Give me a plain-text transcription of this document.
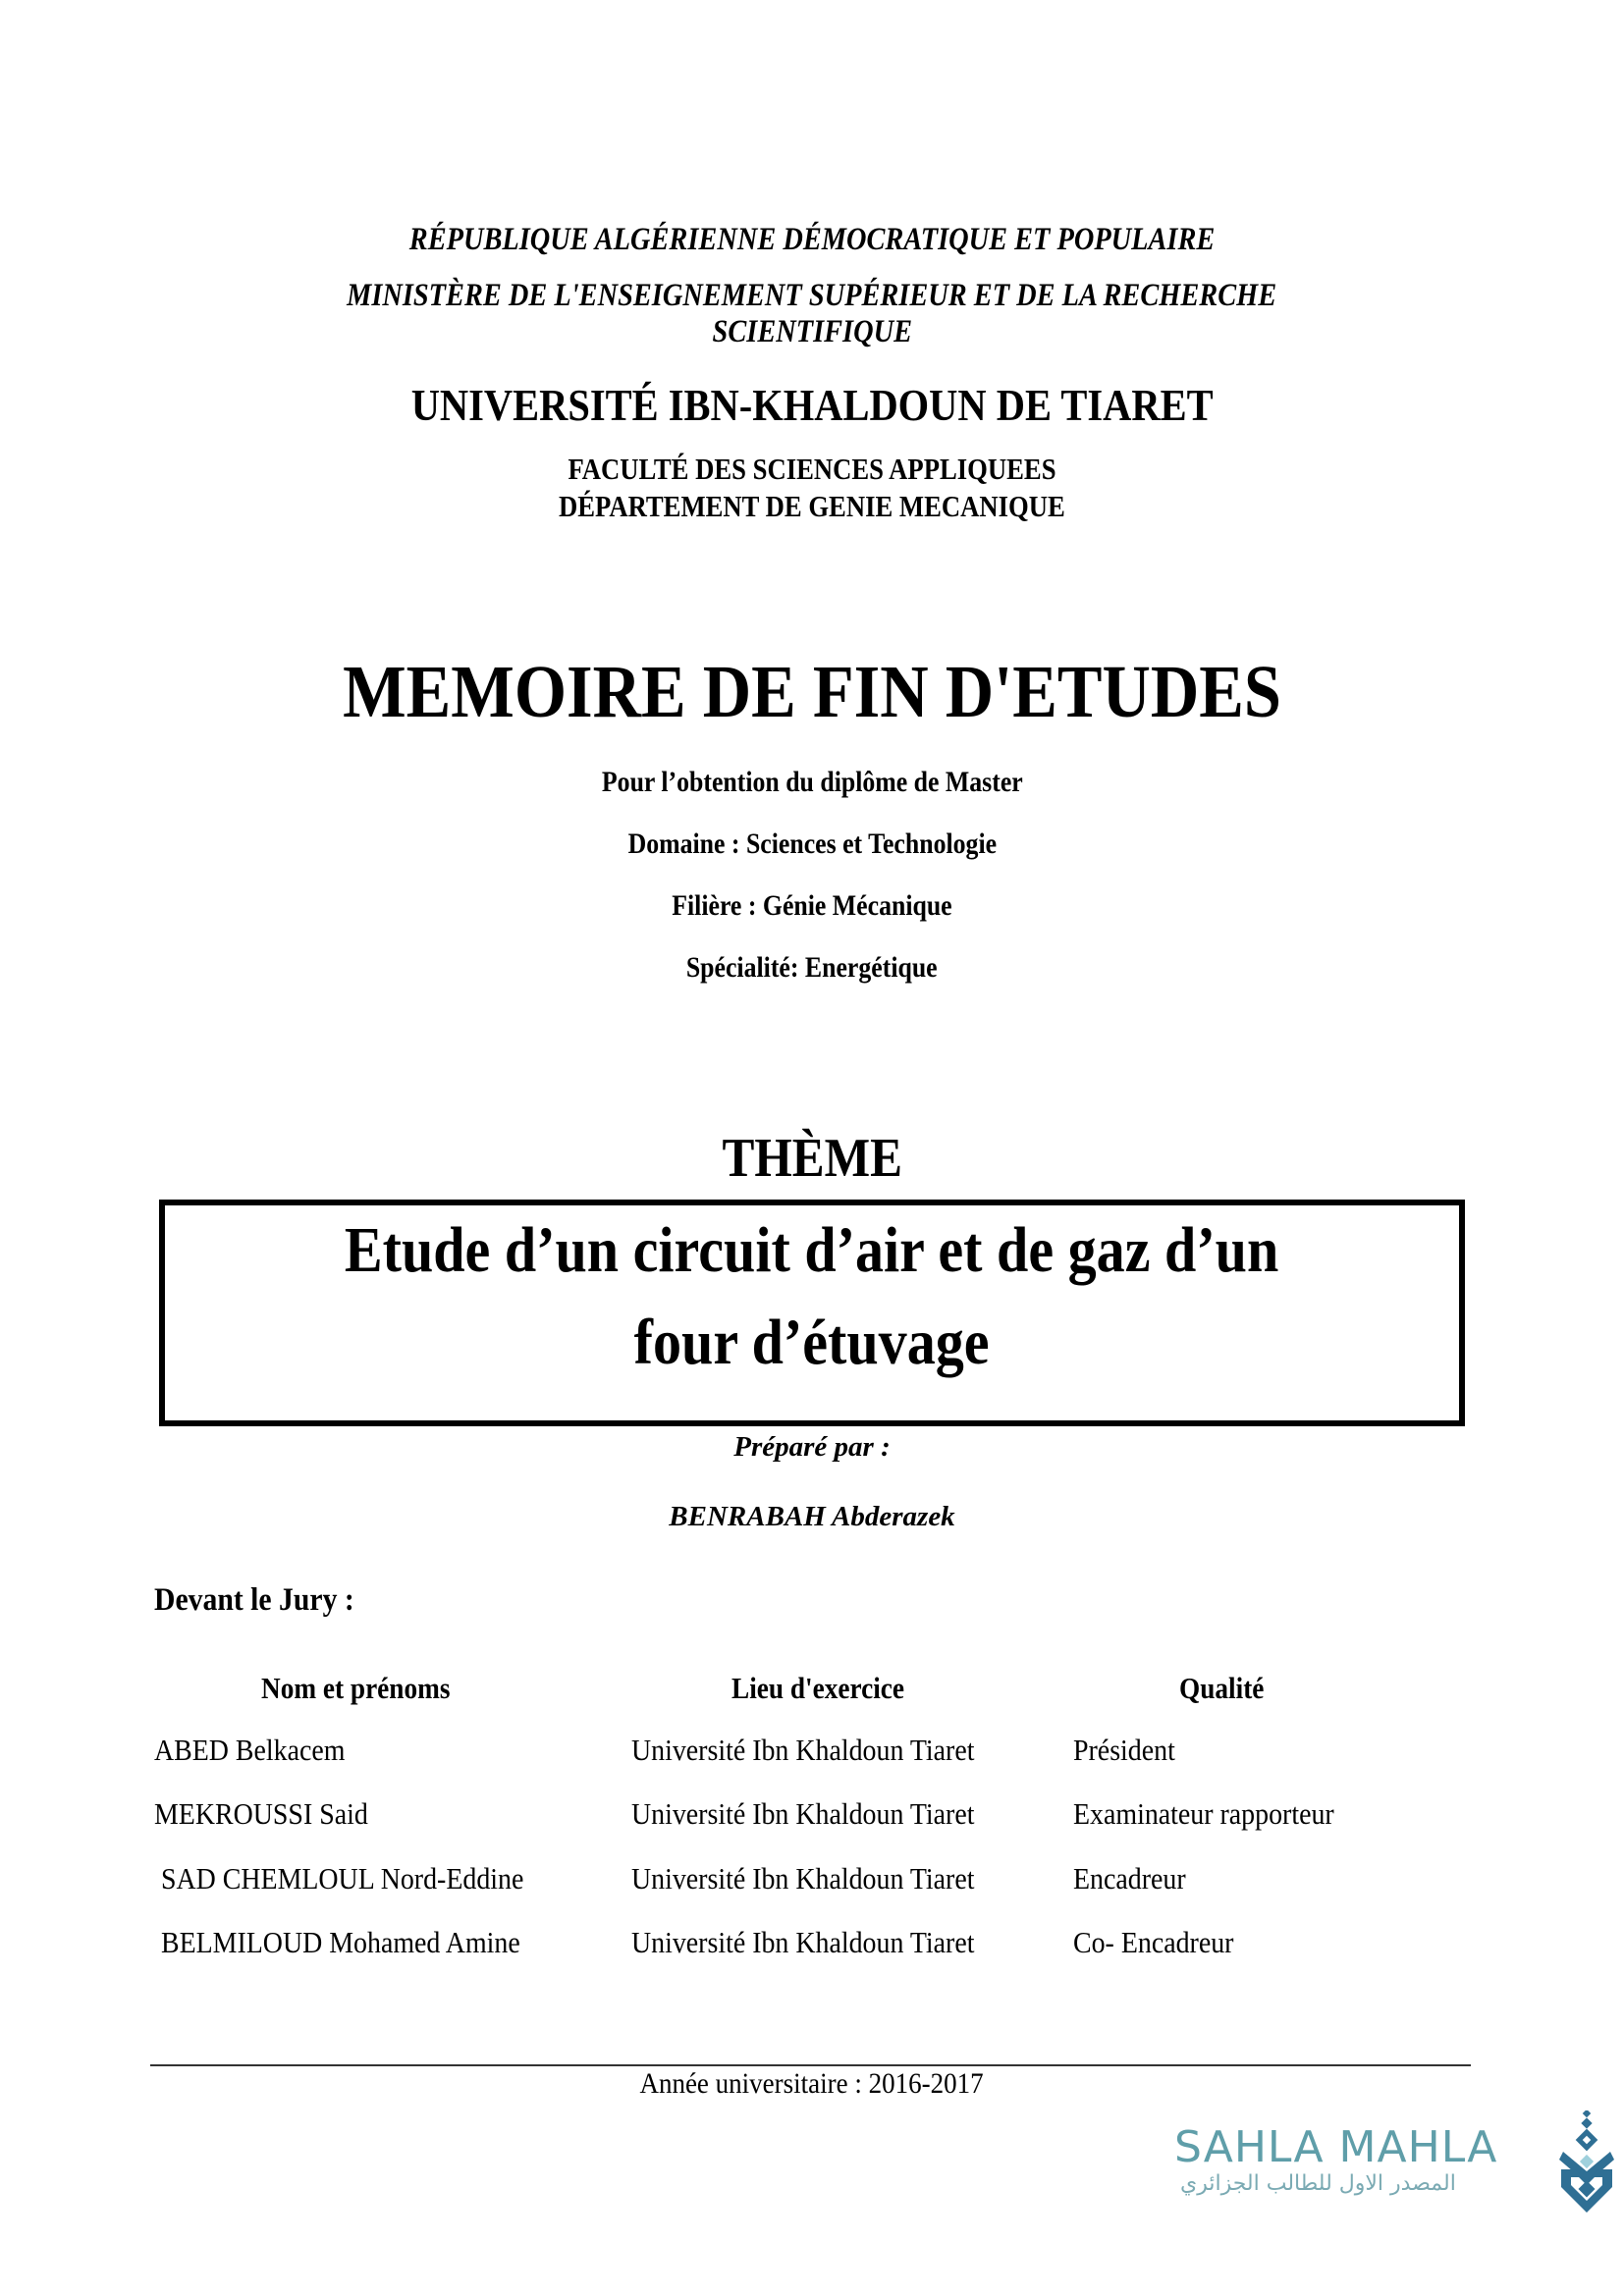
RÉPUBLIQUE ALGÉRIENNE DÉMOCRATIQUE ET POPULAIRE
MINISTÈRE DE L'ENSEIGNEMENT SUPÉRIEUR ET DE LA RECHERCHE
SCIENTIFIQUE
UNIVERSITÉ IBN-KHALDOUN DE TIARET
FACULTÉ DES SCIENCES APPLIQUEES
DÉPARTEMENT DE GENIE MECANIQUE
MEMOIRE DE FIN D'ETUDES
Pour l’obtention du diplôme de Master
Domaine : Sciences et Technologie
Filière : Génie Mécanique
Spécialité: Energétique
THÈME
Etude d’un circuit d’air et de gaz d’un
four d’étuvage
Préparé par :
BENRABAH Abderazek
Devant le Jury :
Nom et prénoms	Lieu d'exercice	Qualité
ABED Belkacem	Université Ibn Khaldoun Tiaret	Président
MEKROUSSI Said	Université Ibn Khaldoun Tiaret	Examinateur rapporteur
SAD CHEMLOUL Nord-Eddine	Université Ibn Khaldoun Tiaret	Encadreur
BELMILOUD Mohamed Amine	Université Ibn Khaldoun Tiaret	Co- Encadreur
Année universitaire : 2016-2017
SAHLA MAHLA
المصدر الاول للطالب الجزائري
